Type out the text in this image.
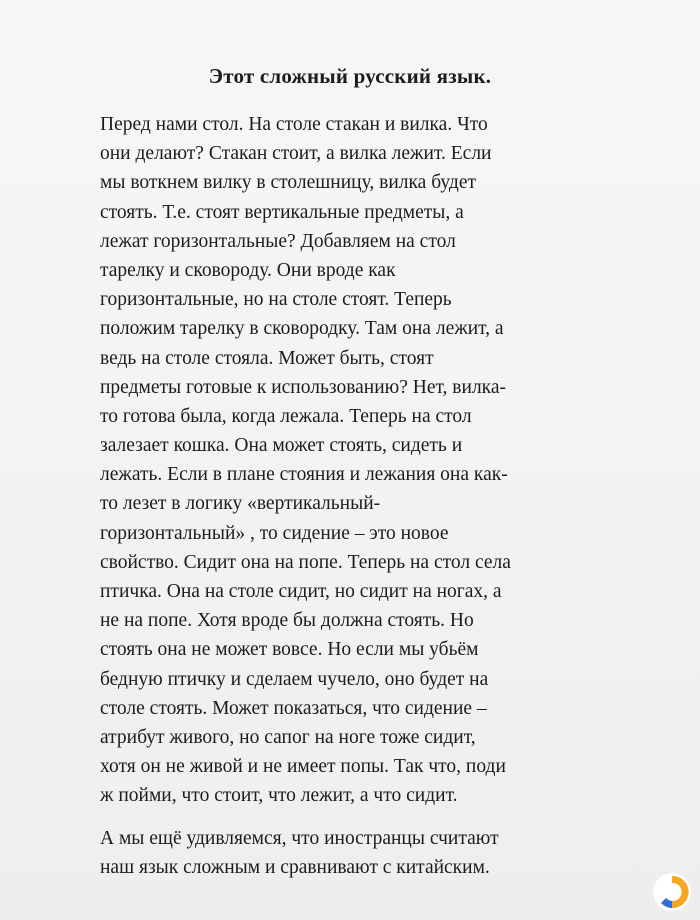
Этот сложный русский язык.
Перед нами стол. На столе стакан и вилка. Что
они делают? Стакан стоит, а вилка лежит. Если
мы воткнем вилку в столешницу, вилка будет
стоять. Т.е. стоят вертикальные предметы, а
лежат горизонтальные? Добавляем на стол
тарелку и сковороду. Они вроде как
горизонтальные, но на столе стоят. Теперь
положим тарелку в сковородку. Там она лежит, а
ведь на столе стояла. Может быть, стоят
предметы готовые к использованию? Нет, вилка-
то готова была, когда лежала. Теперь на стол
залезает кошка. Она может стоять, сидеть и
лежать. Если в плане стояния и лежания она как-
то лезет в логику «вертикальный-
горизонтальный» , то сидение – это новое
свойство. Сидит она на попе. Теперь на стол села
птичка. Она на столе сидит, но сидит на ногах, а
не на попе. Хотя вроде бы должна стоять. Но
стоять она не может вовсе. Но если мы убьём
бедную птичку и сделаем чучело, оно будет на
столе стоять. Может показаться, что сидение –
атрибут живого, но сапог на ноге тоже сидит,
хотя он не живой и не имеет попы. Так что, поди
ж пойми, что стоит, что лежит, а что сидит.
А мы ещё удивляемся, что иностранцы считают
наш язык сложным и сравнивают с китайским.
